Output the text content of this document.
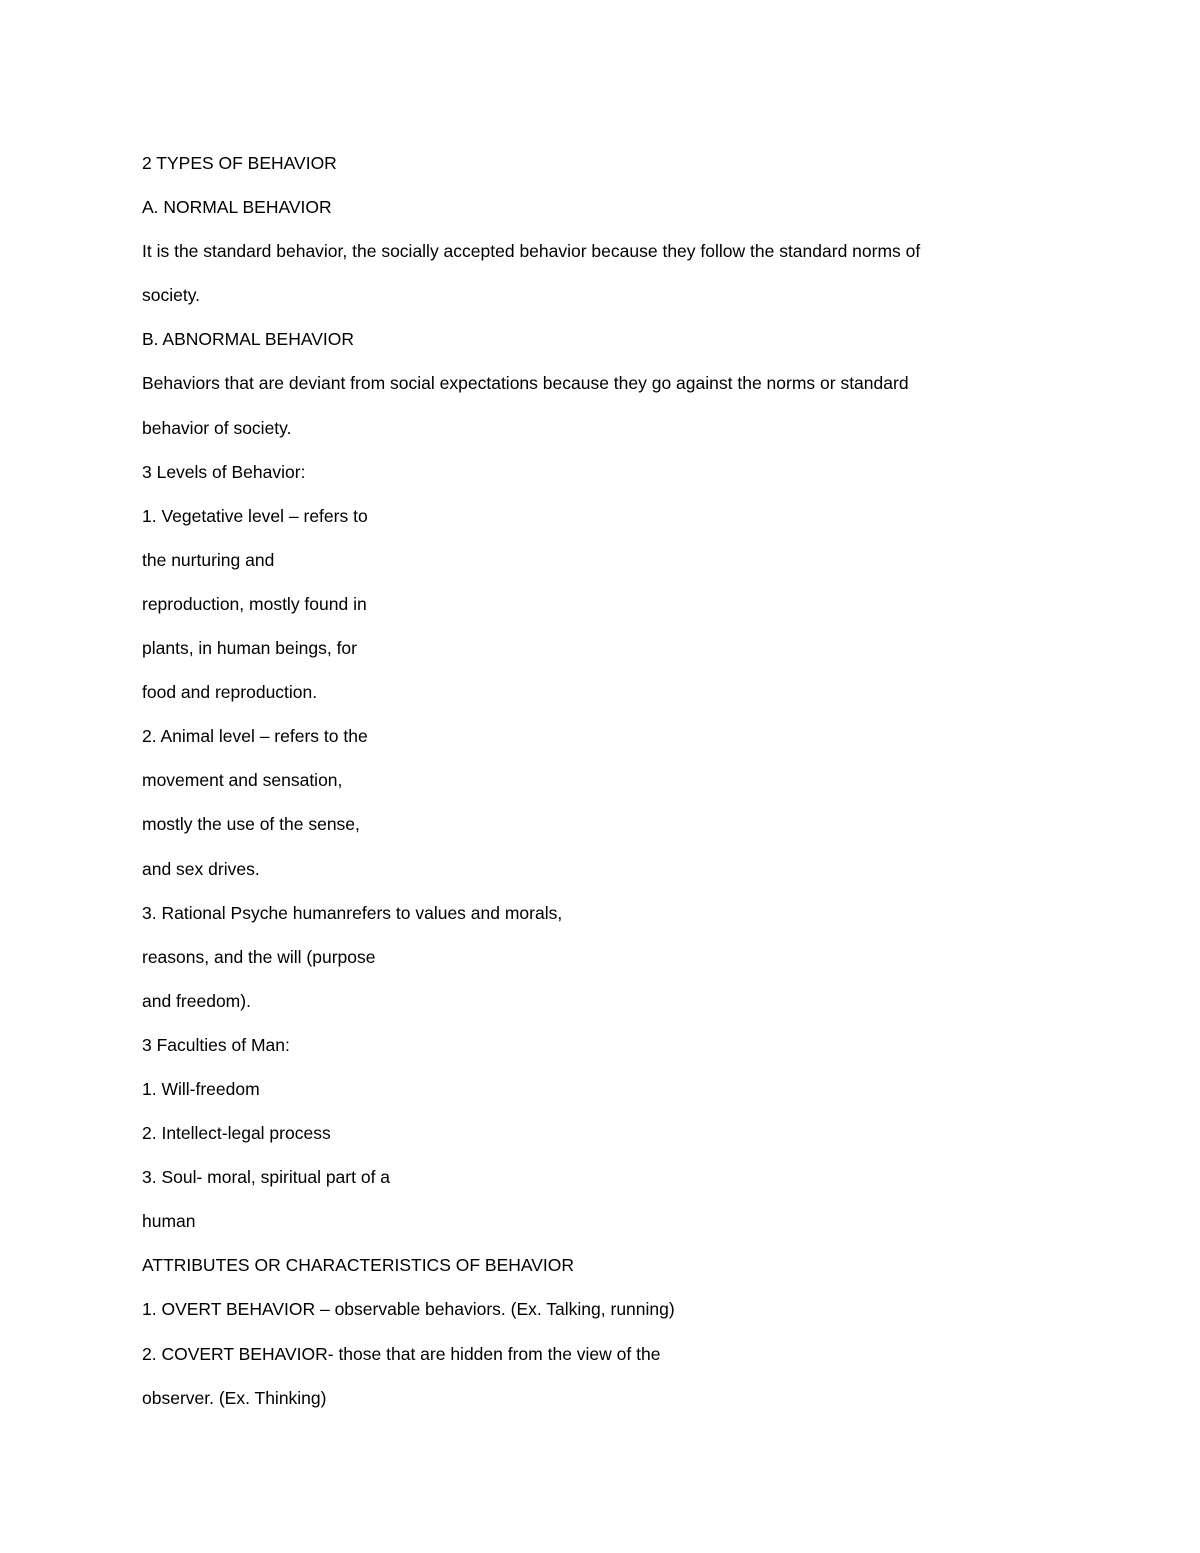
2 TYPES OF BEHAVIOR
A. NORMAL BEHAVIOR
It is the standard behavior, the socially accepted behavior because they follow the standard norms of
society.
B. ABNORMAL BEHAVIOR
Behaviors that are deviant from social expectations because they go against the norms or standard
behavior of society.
3 Levels of Behavior:
1. Vegetative level – refers to
the nurturing and
reproduction, mostly found in
plants, in human beings, for
food and reproduction.
2. Animal level – refers to the
movement and sensation,
mostly the use of the sense,
and sex drives.
3. Rational Psyche humanrefers to values and morals,
reasons, and the will (purpose
and freedom).
3 Faculties of Man:
1. Will-freedom
2. Intellect-legal process
3. Soul- moral, spiritual part of a
human
ATTRIBUTES OR CHARACTERISTICS OF BEHAVIOR
1. OVERT BEHAVIOR – observable behaviors. (Ex. Talking, running)
2. COVERT BEHAVIOR- those that are hidden from the view of the
observer. (Ex. Thinking)
